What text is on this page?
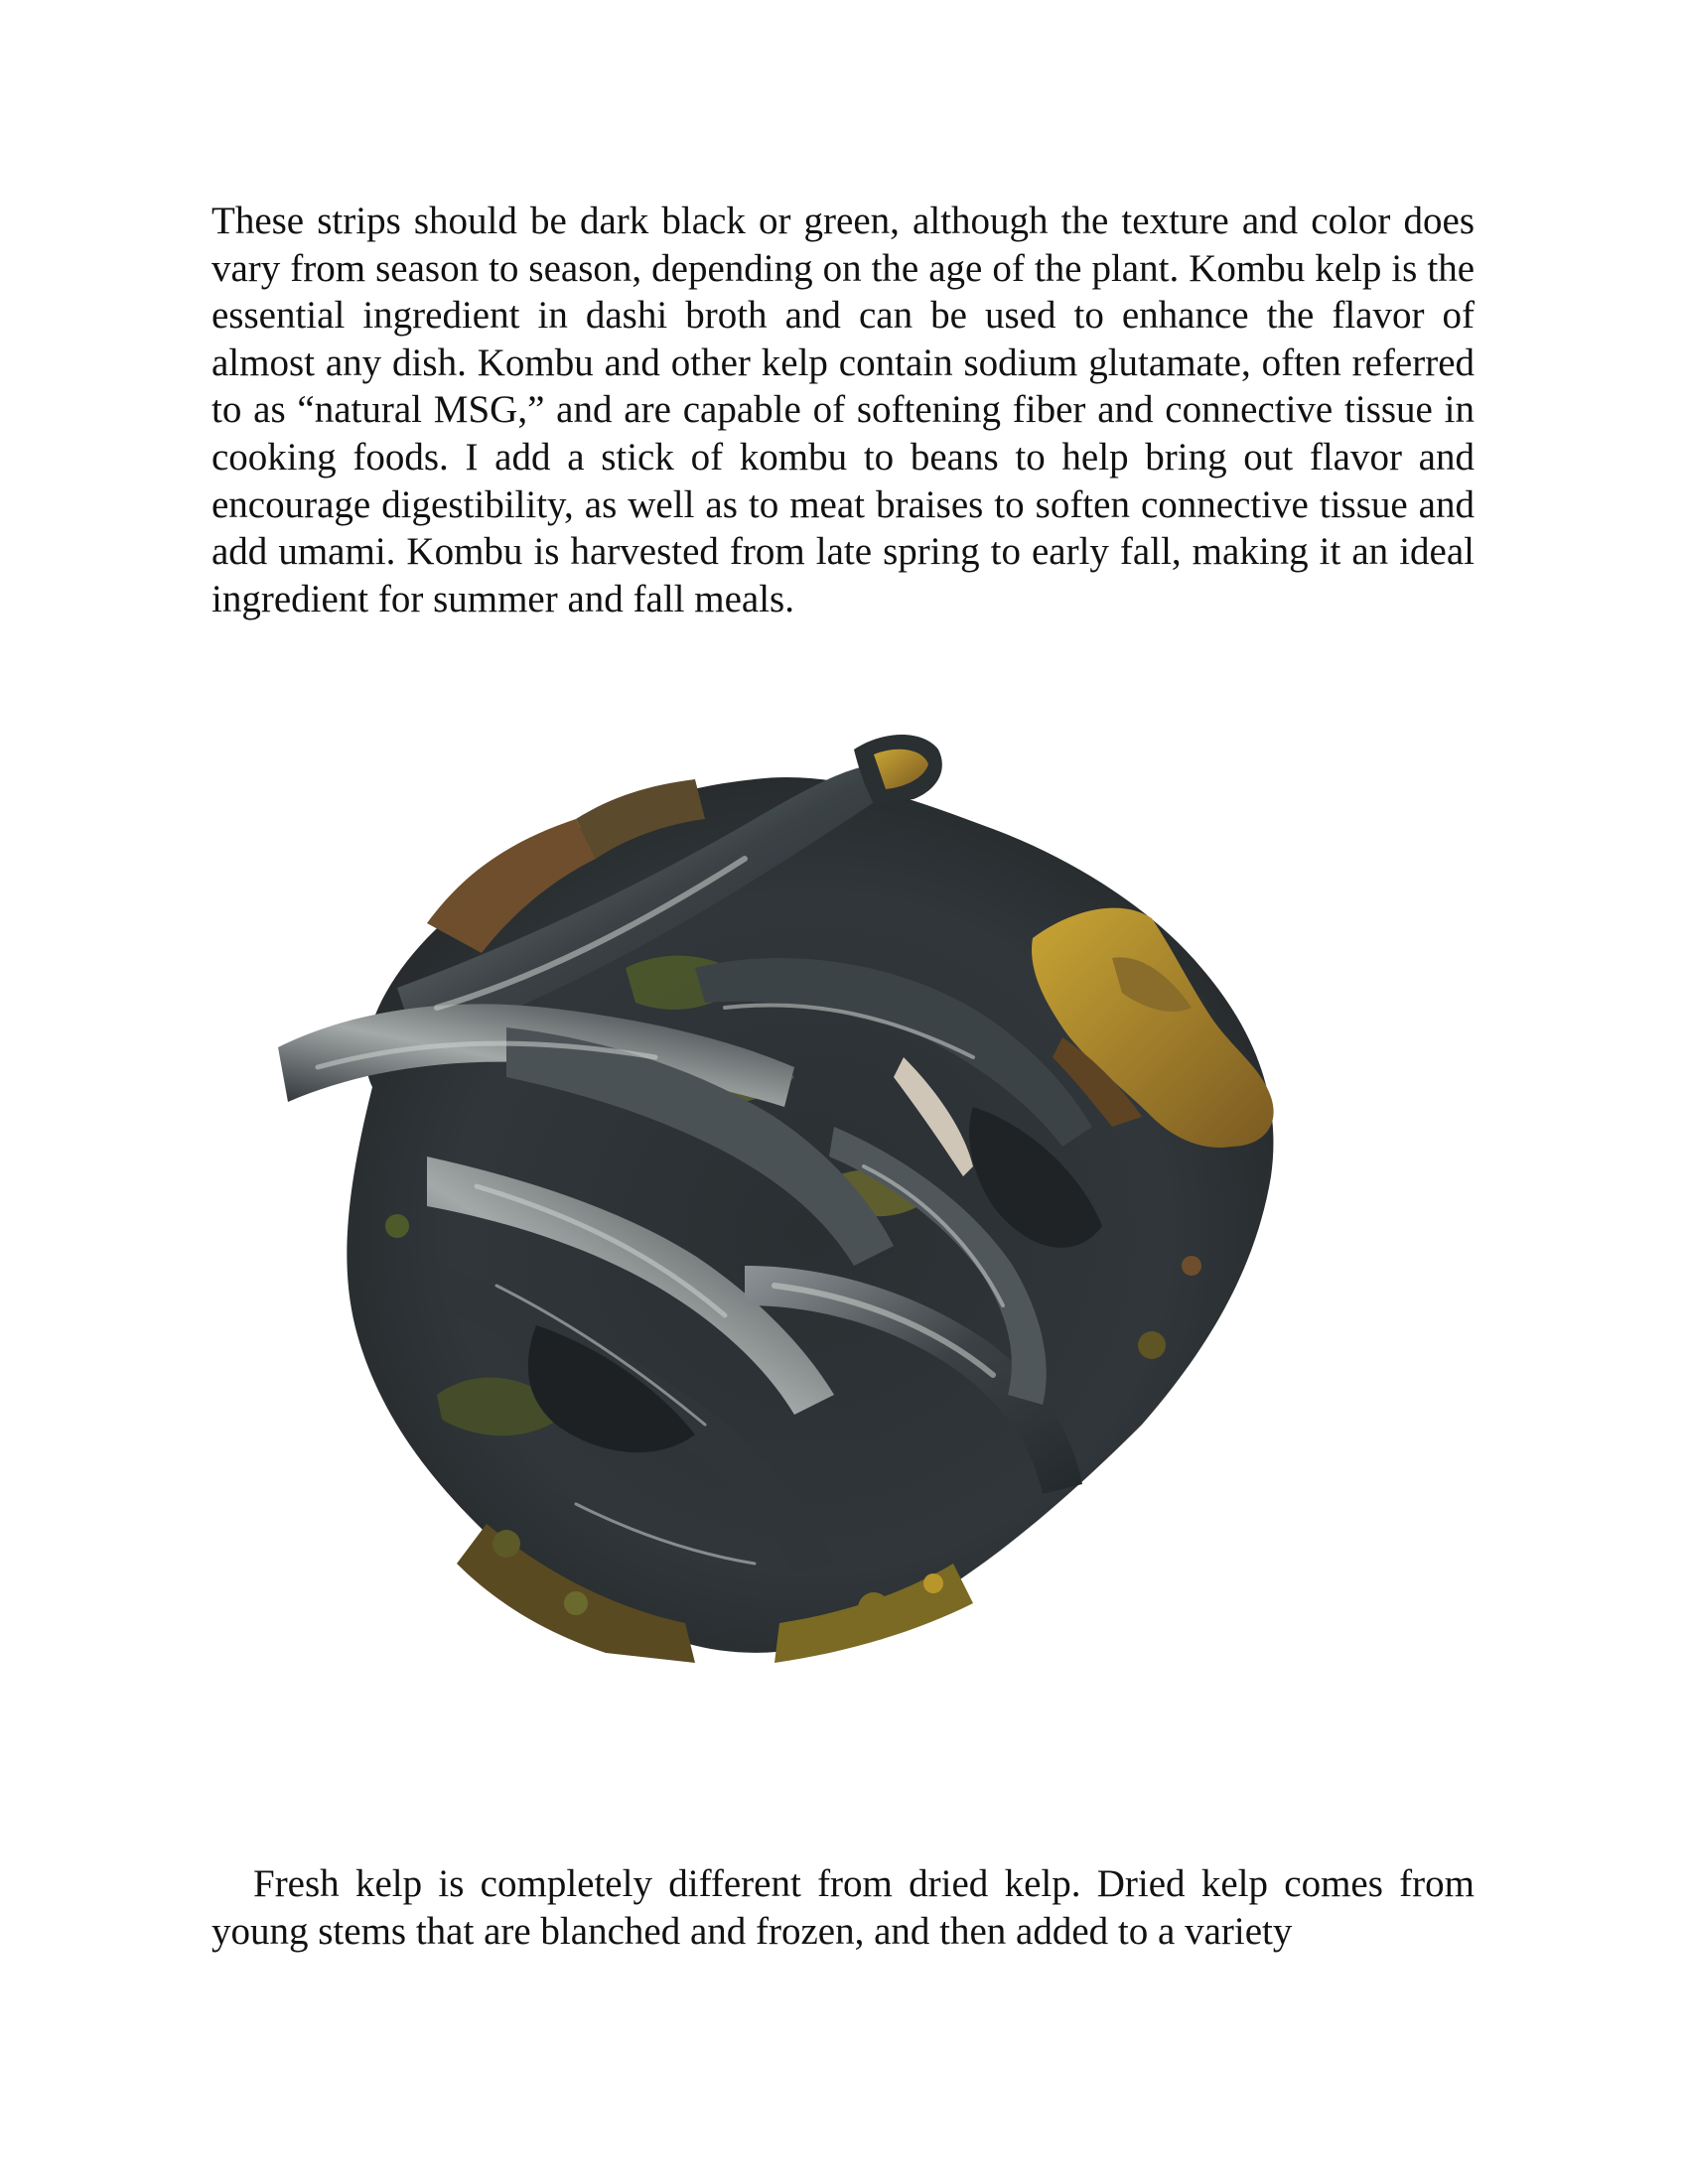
These strips should be dark black or green, although the texture and color does vary from season to season, depending on the age of the plant. Kombu kelp is the essential ingredient in dashi broth and can be used to enhance the flavor of almost any dish. Kombu and other kelp contain sodium glutamate, often referred to as “natural MSG,” and are capable of softening fiber and connective tissue in cooking foods. I add a stick of kombu to beans to help bring out flavor and encourage digestibility, as well as to meat braises to soften connective tissue and add umami. Kombu is harvested from late spring to early fall, making it an ideal ingredient for summer and fall meals.

Fresh kelp is completely different from dried kelp. Dried kelp comes from young stems that are blanched and frozen, and then added to a variety
